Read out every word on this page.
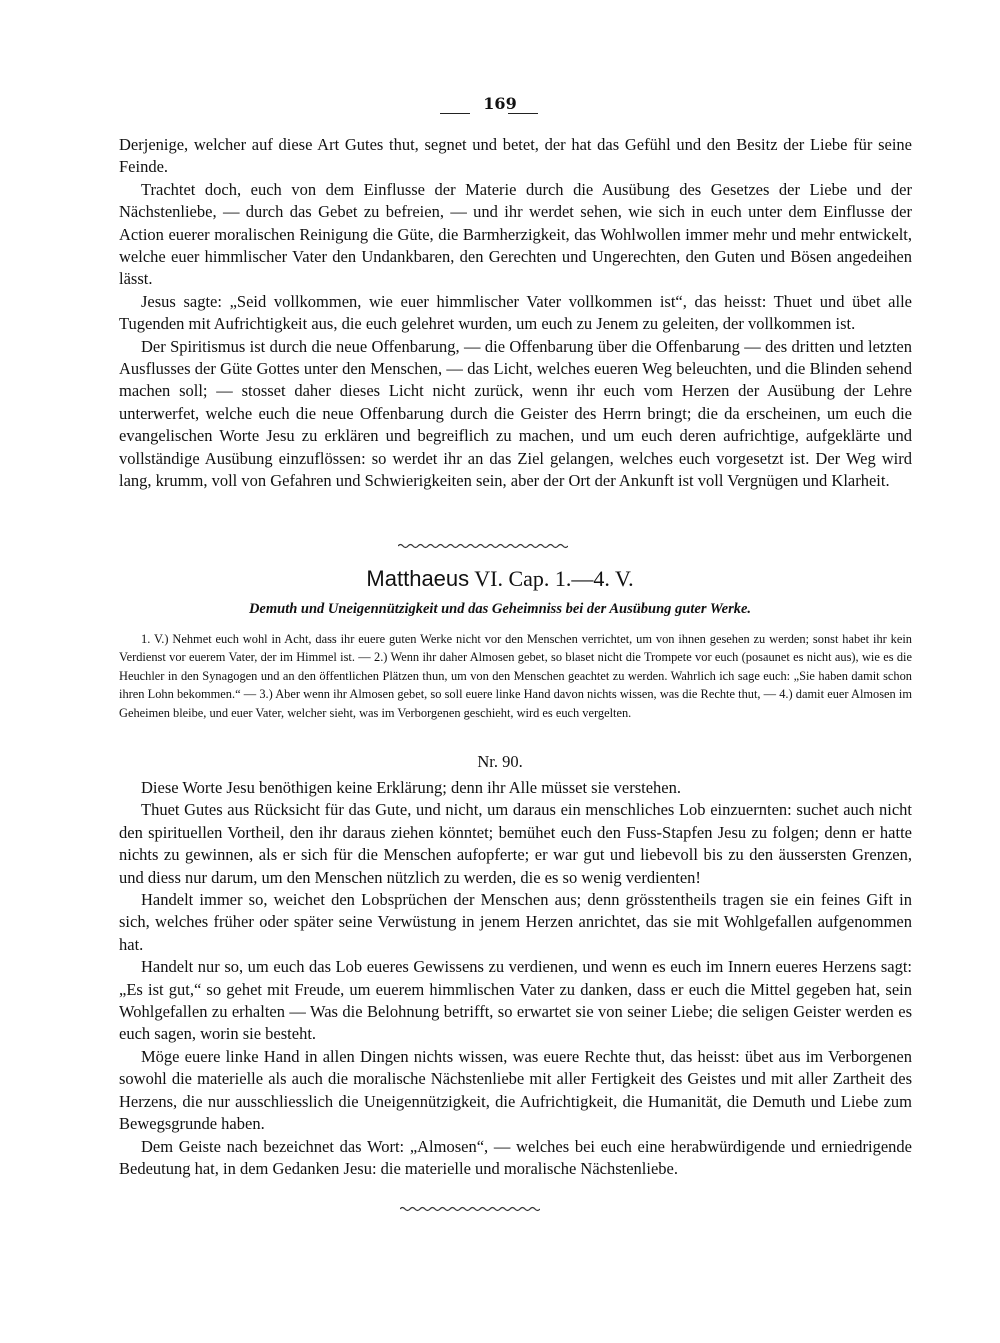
169

Derjenige, welcher auf diese Art Gutes thut, segnet und betet, der hat das Gefühl und den Besitz der Liebe für seine Feinde.

Trachtet doch, euch von dem Einflusse der Materie durch die Ausübung des Gesetzes der Liebe und der Nächstenliebe, — durch das Gebet zu befreien, — und ihr werdet sehen, wie sich in euch unter dem Einflusse der Action euerer moralischen Reinigung die Güte, die Barmherzigkeit, das Wohlwollen immer mehr und mehr entwickelt, welche euer himmlischer Vater den Undankbaren, den Gerechten und Ungerechten, den Guten und Bösen angedeihen lässt.

Jesus sagte: „Seid vollkommen, wie euer himmlischer Vater vollkommen ist“, das heisst: Thuet und übet alle Tugenden mit Aufrichtigkeit aus, die euch gelehret wurden, um euch zu Jenem zu geleiten, der vollkommen ist.

Der Spiritismus ist durch die neue Offenbarung, — die Offenbarung über die Offenbarung — des dritten und letzten Ausflusses der Güte Gottes unter den Menschen, — das Licht, welches eueren Weg beleuchten, und die Blinden sehend machen soll; — stosset daher dieses Licht nicht zurück, wenn ihr euch vom Herzen der Ausübung der Lehre unterwerfet, welche euch die neue Offenbarung durch die Geister des Herrn bringt; die da erscheinen, um euch die evangelischen Worte Jesu zu erklären und begreiflich zu machen, und um euch deren aufrichtige, aufgeklärte und vollständige Ausübung einzuflössen: so werdet ihr an das Ziel gelangen, welches euch vorgesetzt ist. Der Weg wird lang, krumm, voll von Gefahren und Schwierigkeiten sein, aber der Ort der Ankunft ist voll Vergnügen und Klarheit.

Matthaeus VI. Cap. 1.—4. V.
Demuth und Uneigennützigkeit und das Geheimniss bei der Ausübung guter Werke.

1. V.) Nehmet euch wohl in Acht, dass ihr euere guten Werke nicht vor den Menschen verrichtet, um von ihnen gesehen zu werden; sonst habet ihr kein Verdienst vor euerem Vater, der im Himmel ist. — 2.) Wenn ihr daher Almosen gebet, so blaset nicht die Trompete vor euch (posaunet es nicht aus), wie es die Heuchler in den Synagogen und an den öffentlichen Plätzen thun, um von den Menschen geachtet zu werden. Wahrlich ich sage euch: „Sie haben damit schon ihren Lohn bekommen.“ — 3.) Aber wenn ihr Almosen gebet, so soll euere linke Hand davon nichts wissen, was die Rechte thut, — 4.) damit euer Almosen im Geheimen bleibe, und euer Vater, welcher sieht, was im Verborgenen geschieht, wird es euch vergelten.

Nr. 90.

Diese Worte Jesu benöthigen keine Erklärung; denn ihr Alle müsset sie verstehen.

Thuet Gutes aus Rücksicht für das Gute, und nicht, um daraus ein menschliches Lob einzuernten: suchet auch nicht den spirituellen Vortheil, den ihr daraus ziehen könntet; bemühet euch den Fuss-Stapfen Jesu zu folgen; denn er hatte nichts zu gewinnen, als er sich für die Menschen aufopferte; er war gut und liebevoll bis zu den äussersten Grenzen, und diess nur darum, um den Menschen nützlich zu werden, die es so wenig verdienten!

Handelt immer so, weichet den Lobsprüchen der Menschen aus; denn grösstentheils tragen sie ein feines Gift in sich, welches früher oder später seine Verwüstung in jenem Herzen anrichtet, das sie mit Wohlgefallen aufgenommen hat.

Handelt nur so, um euch das Lob eueres Gewissens zu verdienen, und wenn es euch im Innern eueres Herzens sagt: „Es ist gut,“ so gehet mit Freude, um euerem himmlischen Vater zu danken, dass er euch die Mittel gegeben hat, sein Wohlgefallen zu erhalten — Was die Belohnung betrifft, so erwartet sie von seiner Liebe; die seligen Geister werden es euch sagen, worin sie besteht.

Möge euere linke Hand in allen Dingen nichts wissen, was euere Rechte thut, das heisst: übet aus im Verborgenen sowohl die materielle als auch die moralische Nächstenliebe mit aller Fertigkeit des Geistes und mit aller Zartheit des Herzens, die nur ausschliesslich die Uneigennützigkeit, die Aufrichtigkeit, die Humanität, die Demuth und Liebe zum Bewegsgrunde haben.

Dem Geiste nach bezeichnet das Wort: „Almosen“, — welches bei euch eine herabwürdigende und erniedrigende Bedeutung hat, in dem Gedanken Jesu: die materielle und moralische Nächstenliebe.
